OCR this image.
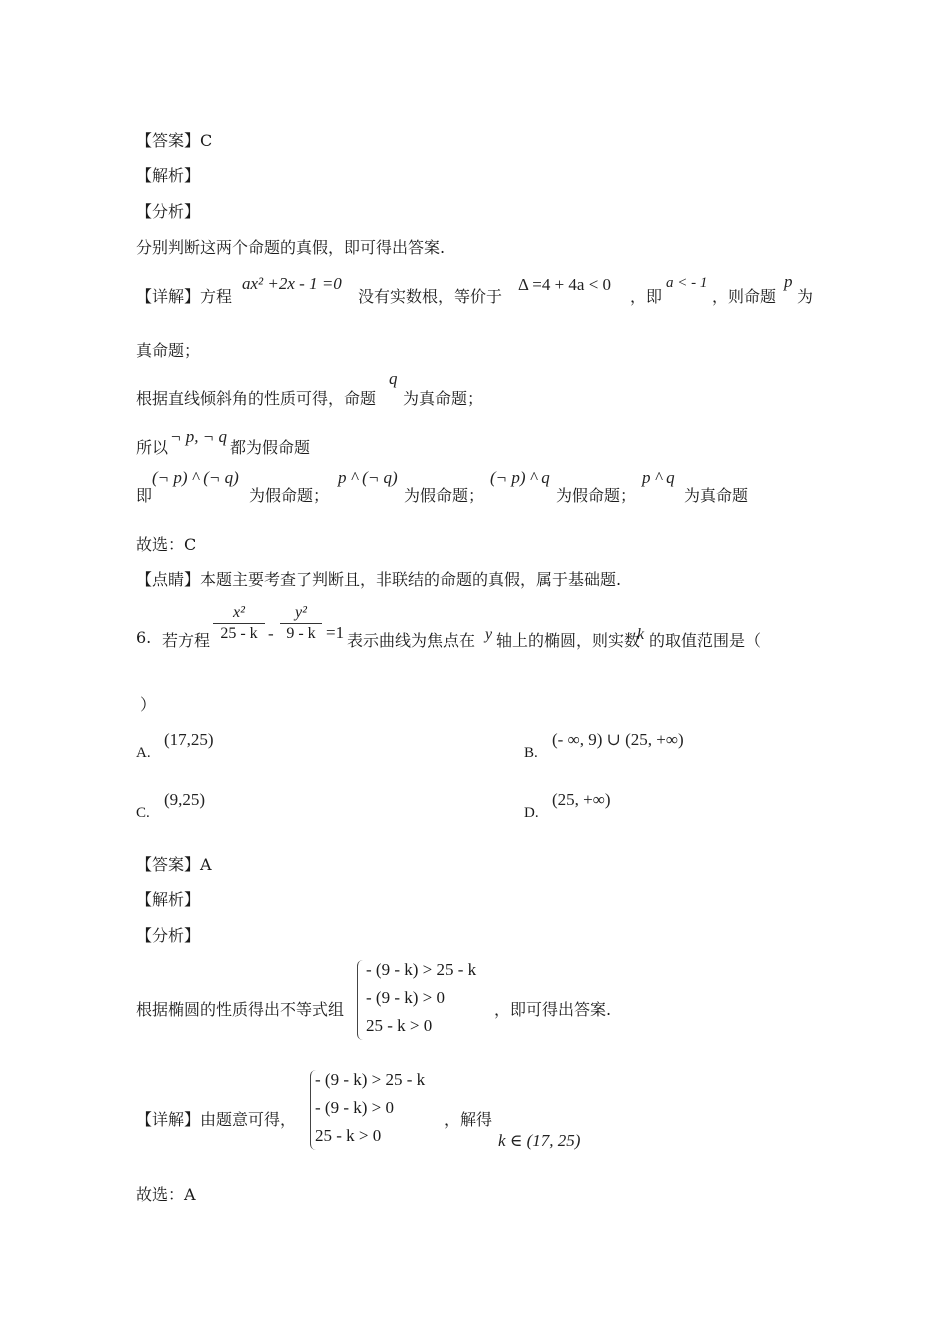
【答案】C
【解析】
【分析】
分别判断这两个命题的真假，即可得出答案.
【详解】方程
ax² +2x - 1 =0
没有实数根，等价于
Δ =4 + 4a < 0
，即
a < - 1
，则命题
p
为
真命题；
根据直线倾斜角的性质可得，命题
q
为真命题；
所以
¬ p, ¬ q
都为假命题
即
(¬ p) ^ (¬ q)
为假命题；
p ^ (¬ q)
为假命题；
(¬ p) ^ q
为假命题；
p ^ q
为真命题
故选：C
【点睛】本题主要考查了判断且，非联结的命题的真假，属于基础题.
6. 若方程
x²
25 - k -
y²
9 - k =1 表示曲线为焦点在 y 轴上的椭圆，则实数
k 的取值范围是（
）
A.
(17,25)
B.
(- ∞, 9) ∪ (25, +∞)
C.
(9,25)
D.
(25, +∞)
【答案】A
【解析】
【分析】
根据椭圆的性质得出不等式组
- (9 - k) > 25 - k
- (9 - k) > 0
25 - k > 0
，即可得出答案.
【详解】由题意可得，
- (9 - k) > 25 - k
- (9 - k) > 0
25 - k > 0
，解得
k ∈ (17, 25)
故选：A
